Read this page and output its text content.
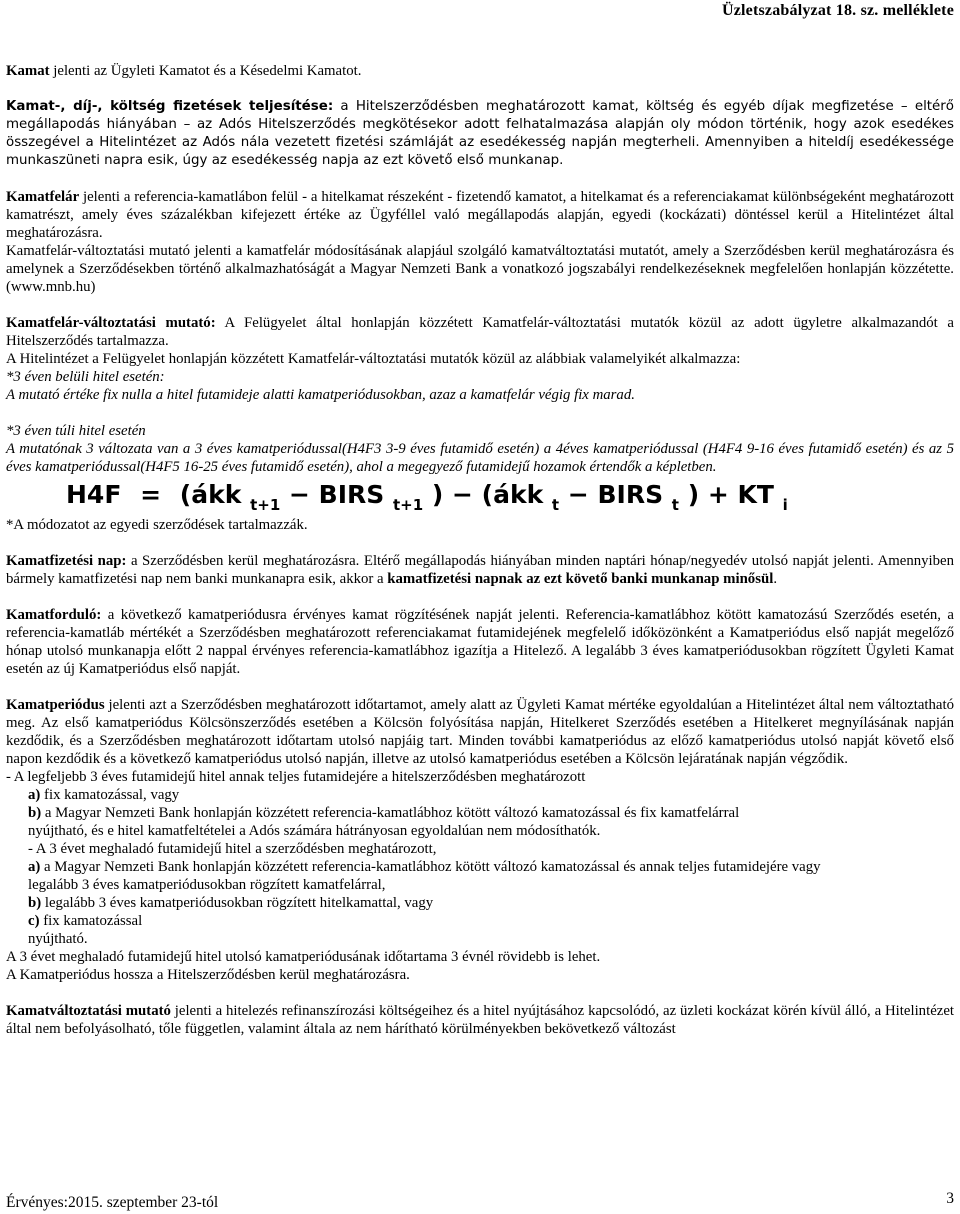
Üzletszabályzat 18. sz. melléklete

Kamat jelenti az Ügyleti Kamatot és a Késedelmi Kamatot.

Kamat-, díj-, költség fizetések teljesítése: a Hitelszerződésben meghatározott kamat, költség és egyéb díjak megfizetése – eltérő megállapodás hiányában – az Adós Hitelszerződés megkötésekor adott felhatalmazása alapján oly módon történik, hogy azok esedékes összegével a Hitelintézet az Adós nála vezetett fizetési számláját az esedékesség napján megterheli. Amennyiben a hiteldíj esedékessége munkaszüneti napra esik, úgy az esedékesség napja az ezt követő első munkanap.

Kamatfelár jelenti a referencia-kamatlábon felül - a hitelkamat részeként - fizetendő kamatot, a hitelkamat és a referenciakamat különbségeként meghatározott kamatrészt, amely éves százalékban kifejezett értéke az Ügyféllel való megállapodás alapján, egyedi (kockázati) döntéssel kerül a Hitelintézet által meghatározásra.

Kamatfelár-változtatási mutató jelenti a kamatfelár módosításának alapjául szolgáló kamatváltoztatási mutatót, amely a Szerződésben kerül meghatározásra és amelynek a Szerződésekben történő alkalmazhatóságát a Magyar Nemzeti Bank a vonatkozó jogszabályi rendelkezéseknek megfelelően honlapján közzétette. (www.mnb.hu)

Kamatfelár-változtatási mutató: A Felügyelet által honlapján közzétett Kamatfelár-változtatási mutatók közül az adott ügyletre alkalmazandót a Hitelszerződés tartalmazza.

A Hitelintézet a Felügyelet honlapján közzétett Kamatfelár-változtatási mutatók közül az alábbiak valamelyikét alkalmazza:

*3 éven belüli hitel esetén:

A mutató értéke fix nulla a hitel futamideje alatti kamatperiódusokban, azaz a kamatfelár végig fix marad.

*3 éven túli hitel esetén

A mutatónak 3 változata van a 3 éves kamatperiódussal(H4F3 3-9 éves futamidő esetén) a 4éves kamatperiódussal (H4F4 9-16 éves futamidő esetén) és az 5 éves kamatperiódussal(H4F5 16-25 éves futamidő esetén), ahol a megegyező futamidejű hozamok értendők a képletben.

H4F = (ákk $_{t+1}$ − BIRS $_{t+1}$ ) − (ákk $_t$ − BIRS $_t$ ) + KT $_i$

*A módozatot az egyedi szerződések tartalmazzák.

Kamatfizetési nap: a Szerződésben kerül meghatározásra. Eltérő megállapodás hiányában minden naptári hónap/negyedév utolsó napját jelenti. Amennyiben bármely kamatfizetési nap nem banki munkanapra esik, akkor a kamatfizetési napnak az ezt követő banki munkanap minősül.

Kamatforduló: a következő kamatperiódusra érvényes kamat rögzítésének napját jelenti. Referencia-kamatlábhoz kötött kamatozású Szerződés esetén, a referencia-kamatláb mértékét a Szerződésben meghatározott referenciakamat futamidejének megfelelő időközönként a Kamatperiódus első napját megelőző hónap utolsó munkanapja előtt 2 nappal érvényes referencia-kamatlábhoz igazítja a Hitelező. A legalább 3 éves kamatperiódusokban rögzített Ügyleti Kamat esetén az új Kamatperiódus első napját.

Kamatperiódus jelenti azt a Szerződésben meghatározott időtartamot, amely alatt az Ügyleti Kamat mértéke egyoldalúan a Hitelintézet által nem változtatható meg. Az első kamatperiódus Kölcsönszerződés esetében a Kölcsön folyósítása napján, Hitelkeret Szerződés esetében a Hitelkeret megnyílásának napján kezdődik, és a Szerződésben meghatározott időtartam utolsó napjáig tart. Minden további kamatperiódus az előző kamatperiódus utolsó napját követő első napon kezdődik és a következő kamatperiódus utolsó napján, illetve az utolsó kamatperiódus esetében a Kölcsön lejáratának napján végződik.

- A legfeljebb 3 éves futamidejű hitel annak teljes futamidejére a hitelszerződésben meghatározott

a) fix kamatozással, vagy

b) a Magyar Nemzeti Bank honlapján közzétett referencia-kamatlábhoz kötött változó kamatozással és fix kamatfelárral

nyújtható, és e hitel kamatfeltételei a Adós számára hátrányosan egyoldalúan nem módosíthatók.

- A 3 évet meghaladó futamidejű hitel a szerződésben meghatározott,

a) a Magyar Nemzeti Bank honlapján közzétett referencia-kamatlábhoz kötött változó kamatozással és annak teljes futamidejére vagy

legalább 3 éves kamatperiódusokban rögzített kamatfelárral,

b) legalább 3 éves kamatperiódusokban rögzített hitelkamattal, vagy

c) fix kamatozással

nyújtható.

A 3 évet meghaladó futamidejű hitel utolsó kamatperiódusának időtartama 3 évnél rövidebb is lehet.

A Kamatperiódus hossza a Hitelszerződésben kerül meghatározásra.

Kamatváltoztatási mutató jelenti a hitelezés refinanszírozási költségeihez és a hitel nyújtásához kapcsolódó, az üzleti kockázat körén kívül álló, a Hitelintézet által nem befolyásolható, tőle független, valamint általa az nem hárítható körülményekben bekövetkező változást

Érvényes:2015. szeptember 23-tól	3
